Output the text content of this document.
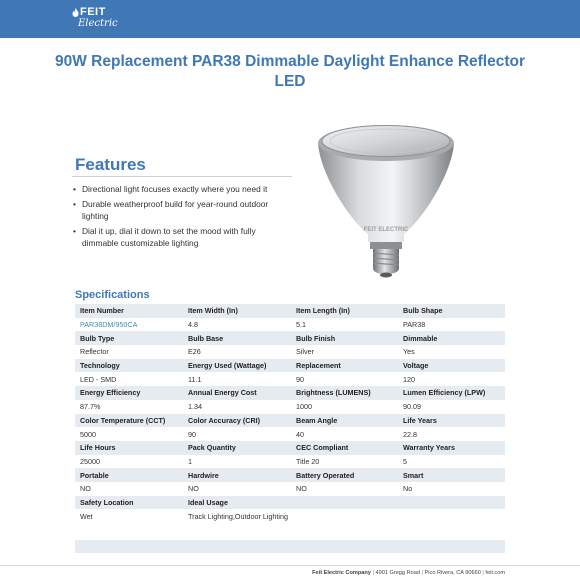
FEIT
Electric
90W Replacement PAR38 Dimmable Daylight Enhance Reflector LED
FEIT ELECTRIC
Features
• Directional light focuses exactly where you need it
• Durable weatherproof build for year-round outdoor lighting
• Dial it up, dial it down to set the mood with fully dimmable customizable lighting
Specifications
Item Number	Item Width (In)	Item Length (In)	Bulb Shape
PAR38DM/950CA	4.8	5.1	PAR38
Bulb Type	Bulb Base	Bulb Finish	Dimmable
Reflector	E26	Silver	Yes
Technology	Energy Used (Wattage)	Replacement	Voltage
LED - SMD	11.1	90	120
Energy Efficiency	Annual Energy Cost	Brightness (LUMENS)	Lumen Efficiency (LPW)
87.7%	1.34	1000	90.09
Color Temperature (CCT)	Color Accuracy (CRI)	Beam Angle	Life Years
5000	90	40	22.8
Life Hours	Pack Quantity	CEC Compliant	Warranty Years
25000	1	Title 20	5
Portable	Hardwire	Battery Operated	Smart
NO	NO	NO	No
Safety Location	Ideal Usage		
Wet	Track Lighting,Outdoor Lighting		

Feit Electric Company | 4901 Gregg Road | Pico Rivera, CA 90660 | feit.com
